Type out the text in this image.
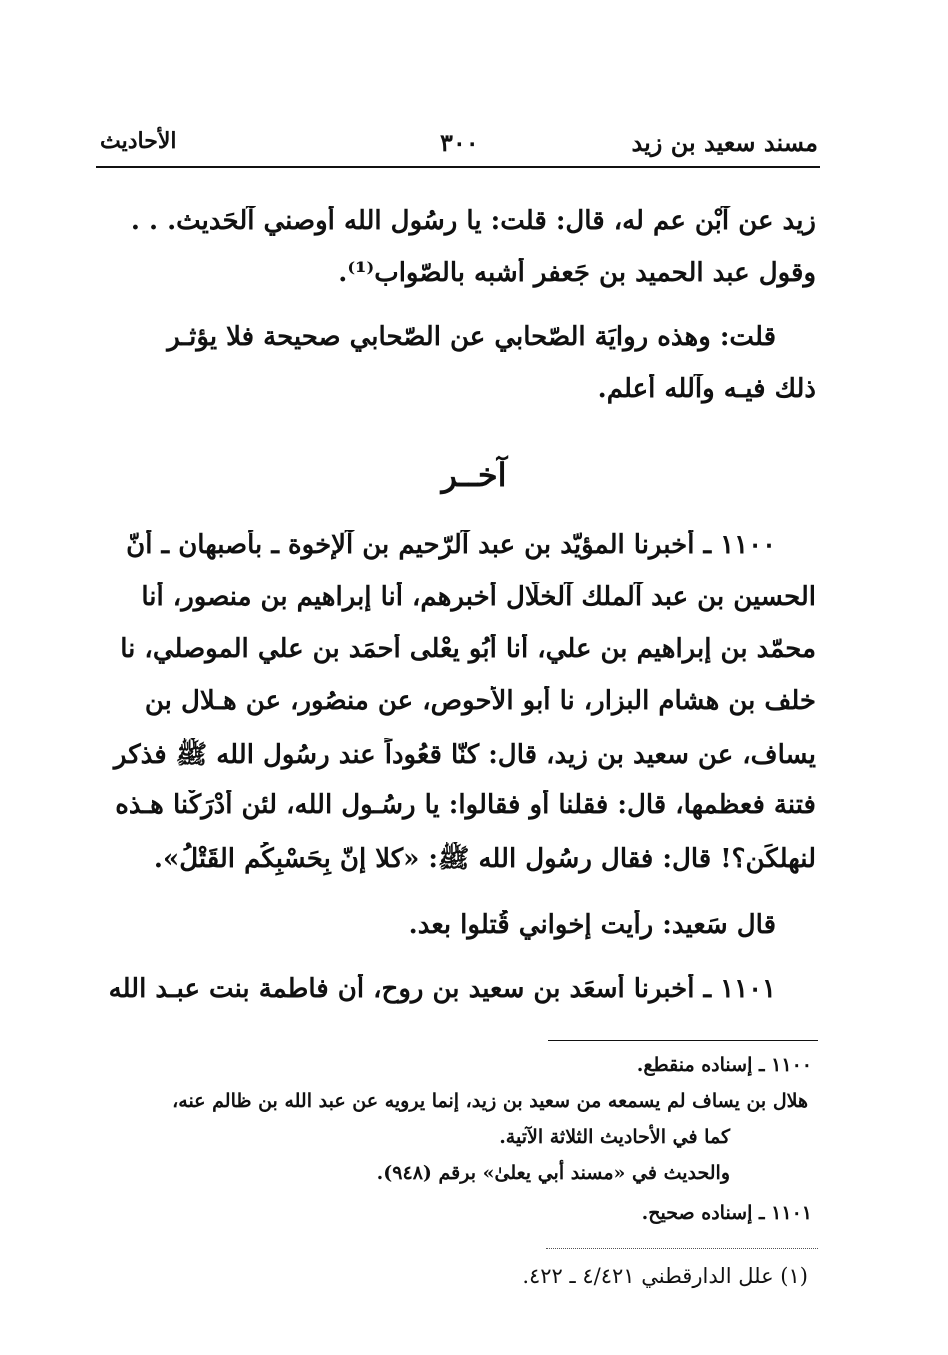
مسند سعيد بن زيد
٣٠٠
الأحاديث
زيد عن آبْن عم له، قال: قلت: يا رسُول الله أوصني آلحَديث. . .
وقول عبد الحميد بن جَعفر أشبه بالصّواب⁽¹⁾.
قلت: وهذه روايَة الصّحابي عن الصّحابي صحيحة فلا يؤثـر
ذلك فيـه وآلله أعلم.
آخــر
١١٠٠ ـ أخبرنا المؤيّد بن عبد آلرّحيم بن آلإخوة ـ بأصبهان ـ أنّ
الحسين بن عبد آلملك آلخلّال أخبرهم، أنا إبراهيم بن منصور، أنا
محمّد بن إبراهيم بن علي، أنا أبُو يعْلى أحمَد بن علي الموصلي، نا
خلف بن هشام البزار، نا أبو الأحوص، عن منصُور، عن هـلال بن
يساف، عن سعيد بن زيد، قال: كنّا قعُوداً عند رسُول الله ﷺ فذكر
فتنة فعظمها، قال: فقلنا أو فقالوا: يا رسُـول الله، لئن أدْرَكْنا هـذه
لنهلكَن؟! قال: فقال رسُول الله ﷺ: «كلا إنّ بِحَسْبِكُم القَتْلُ».
قال سَعيد: رأيت إخواني قُتلوا بعد.
١١٠١ ـ أخبرنا أسعَد بن سعيد بن روح، أن فاطمة بنت عبـد الله
١١٠٠ ـ إسناده منقطع.
هلال بن يساف لم يسمعه من سعيد بن زيد، إنما يرويه عن عبد الله بن ظالم عنه،
كما في الأحاديث الثلاثة الآتية.
والحديث في «مسند أبي يعلىٰ» برقم (٩٤٨).
١١٠١ ـ إسناده صحيح.
(١) علل الدارقطني ٤/٤٢١ ـ ٤٢٢.
